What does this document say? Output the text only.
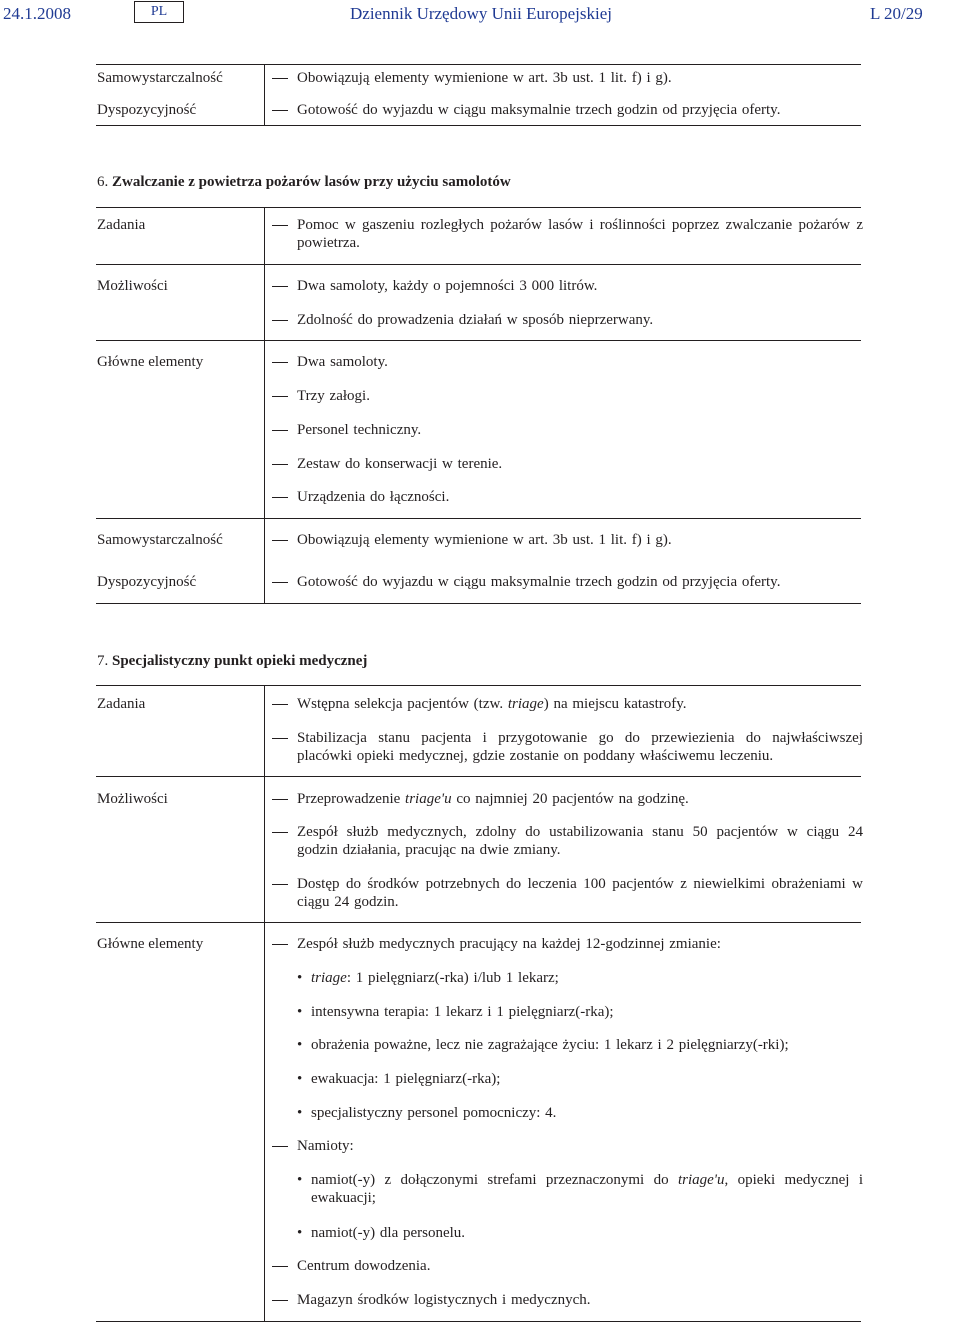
24.1.2008	PL	Dziennik Urzędowy Unii Europejskiej	L 20/29
Samowystarczalność	Obowiązują elementy wymienione w art. 3b ust. 1 lit. f) i g).
Dyspozycyjność	Gotowość do wyjazdu w ciągu maksymalnie trzech godzin od przyjęcia oferty.
6. Zwalczanie z powietrza pożarów lasów przy użyciu samolotów
Zadania	Pomoc w gaszeniu rozległych pożarów lasów i roślinności poprzez zwalczanie pożarów z powietrza.
Możliwości	Dwa samoloty, każdy o pojemności 3 000 litrów.
Zdolność do prowadzenia działań w sposób nieprzerwany.
Główne elementy	Dwa samoloty.
Trzy załogi.
Personel techniczny.
Zestaw do konserwacji w terenie.
Urządzenia do łączności.
Samowystarczalność	Obowiązują elementy wymienione w art. 3b ust. 1 lit. f) i g).
Dyspozycyjność	Gotowość do wyjazdu w ciągu maksymalnie trzech godzin od przyjęcia oferty.
7. Specjalistyczny punkt opieki medycznej
Zadania	Wstępna selekcja pacjentów (tzw. triage) na miejscu katastrofy.
Stabilizacja stanu pacjenta i przygotowanie go do przewiezienia do najwłaściwszej placówki opieki medycznej, gdzie zostanie on poddany właściwemu leczeniu.
Możliwości	Przeprowadzenie triage'u co najmniej 20 pacjentów na godzinę.
Zespół służb medycznych, zdolny do ustabilizowania stanu 50 pacjentów w ciągu 24 godzin działania, pracując na dwie zmiany.
Dostęp do środków potrzebnych do leczenia 100 pacjentów z niewielkimi obrażeniami w ciągu 24 godzin.
Główne elementy	Zespół służb medycznych pracujący na każdej 12-godzinnej zmianie:
• triage: 1 pielęgniarz(-rka) i/lub 1 lekarz;
• intensywna terapia: 1 lekarz i 1 pielęgniarz(-rka);
• obrażenia poważne, lecz nie zagrażające życiu: 1 lekarz i 2 pielęgniarzy(-rki);
• ewakuacja: 1 pielęgniarz(-rka);
• specjalistyczny personel pomocniczy: 4.
Namioty:
• namiot(-y) z dołączonymi strefami przeznaczonymi do triage'u, opieki medycznej i ewakuacji;
• namiot(-y) dla personelu.
Centrum dowodzenia.
Magazyn środków logistycznych i medycznych.
